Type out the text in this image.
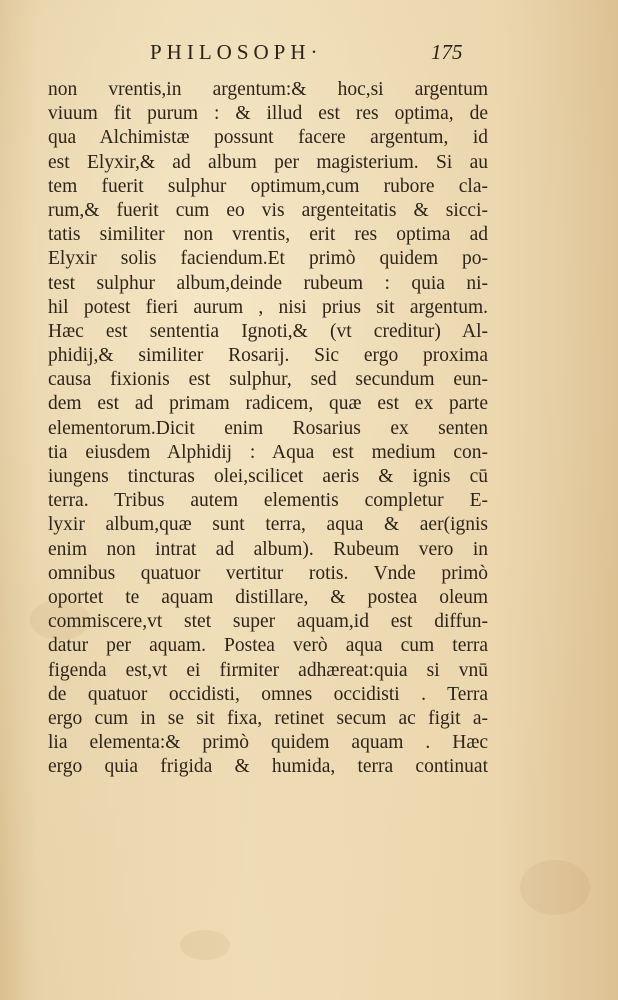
PHILOSOPH·	175
non vrentis,in argentum:& hoc,si argentum
viuum fit purum : & illud est res optima, de
qua Alchimistæ possunt facere argentum, id
est Elyxir,& ad album per magisterium. Si au
tem fuerit sulphur optimum,cum rubore cla-
rum,& fuerit cum eo vis argenteitatis & sicci-
tatis similiter non vrentis, erit res optima ad
Elyxir solis faciendum.Et primò quidem po-
test sulphur album,deinde rubeum : quia ni-
hil potest fieri aurum , nisi prius sit argentum.
Hæc est sententia Ignoti,& (vt creditur) Al-
phidij,& similiter Rosarij. Sic ergo proxima
causa fixionis est sulphur, sed secundum eun-
dem est ad primam radicem, quæ est ex parte
elementorum.Dicit enim Rosarius ex senten
tia eiusdem Alphidij : Aqua est medium con-
iungens tincturas olei,scilicet aeris & ignis cū
terra. Tribus autem elementis completur E-
lyxir album,quæ sunt terra, aqua & aer(ignis
enim non intrat ad album). Rubeum vero in
omnibus quatuor vertitur rotis. Vnde primò
oportet te aquam distillare, & postea oleum
commiscere,vt stet super aquam,id est diffun-
datur per aquam. Postea verò aqua cum terra
figenda est,vt ei firmiter adhæreat:quia si vnū
de quatuor occidisti, omnes occidisti . Terra
ergo cum in se sit fixa, retinet secum ac figit a-
lia elementa:& primò quidem aquam . Hæc
ergo quia frigida & humida, terra continuat
